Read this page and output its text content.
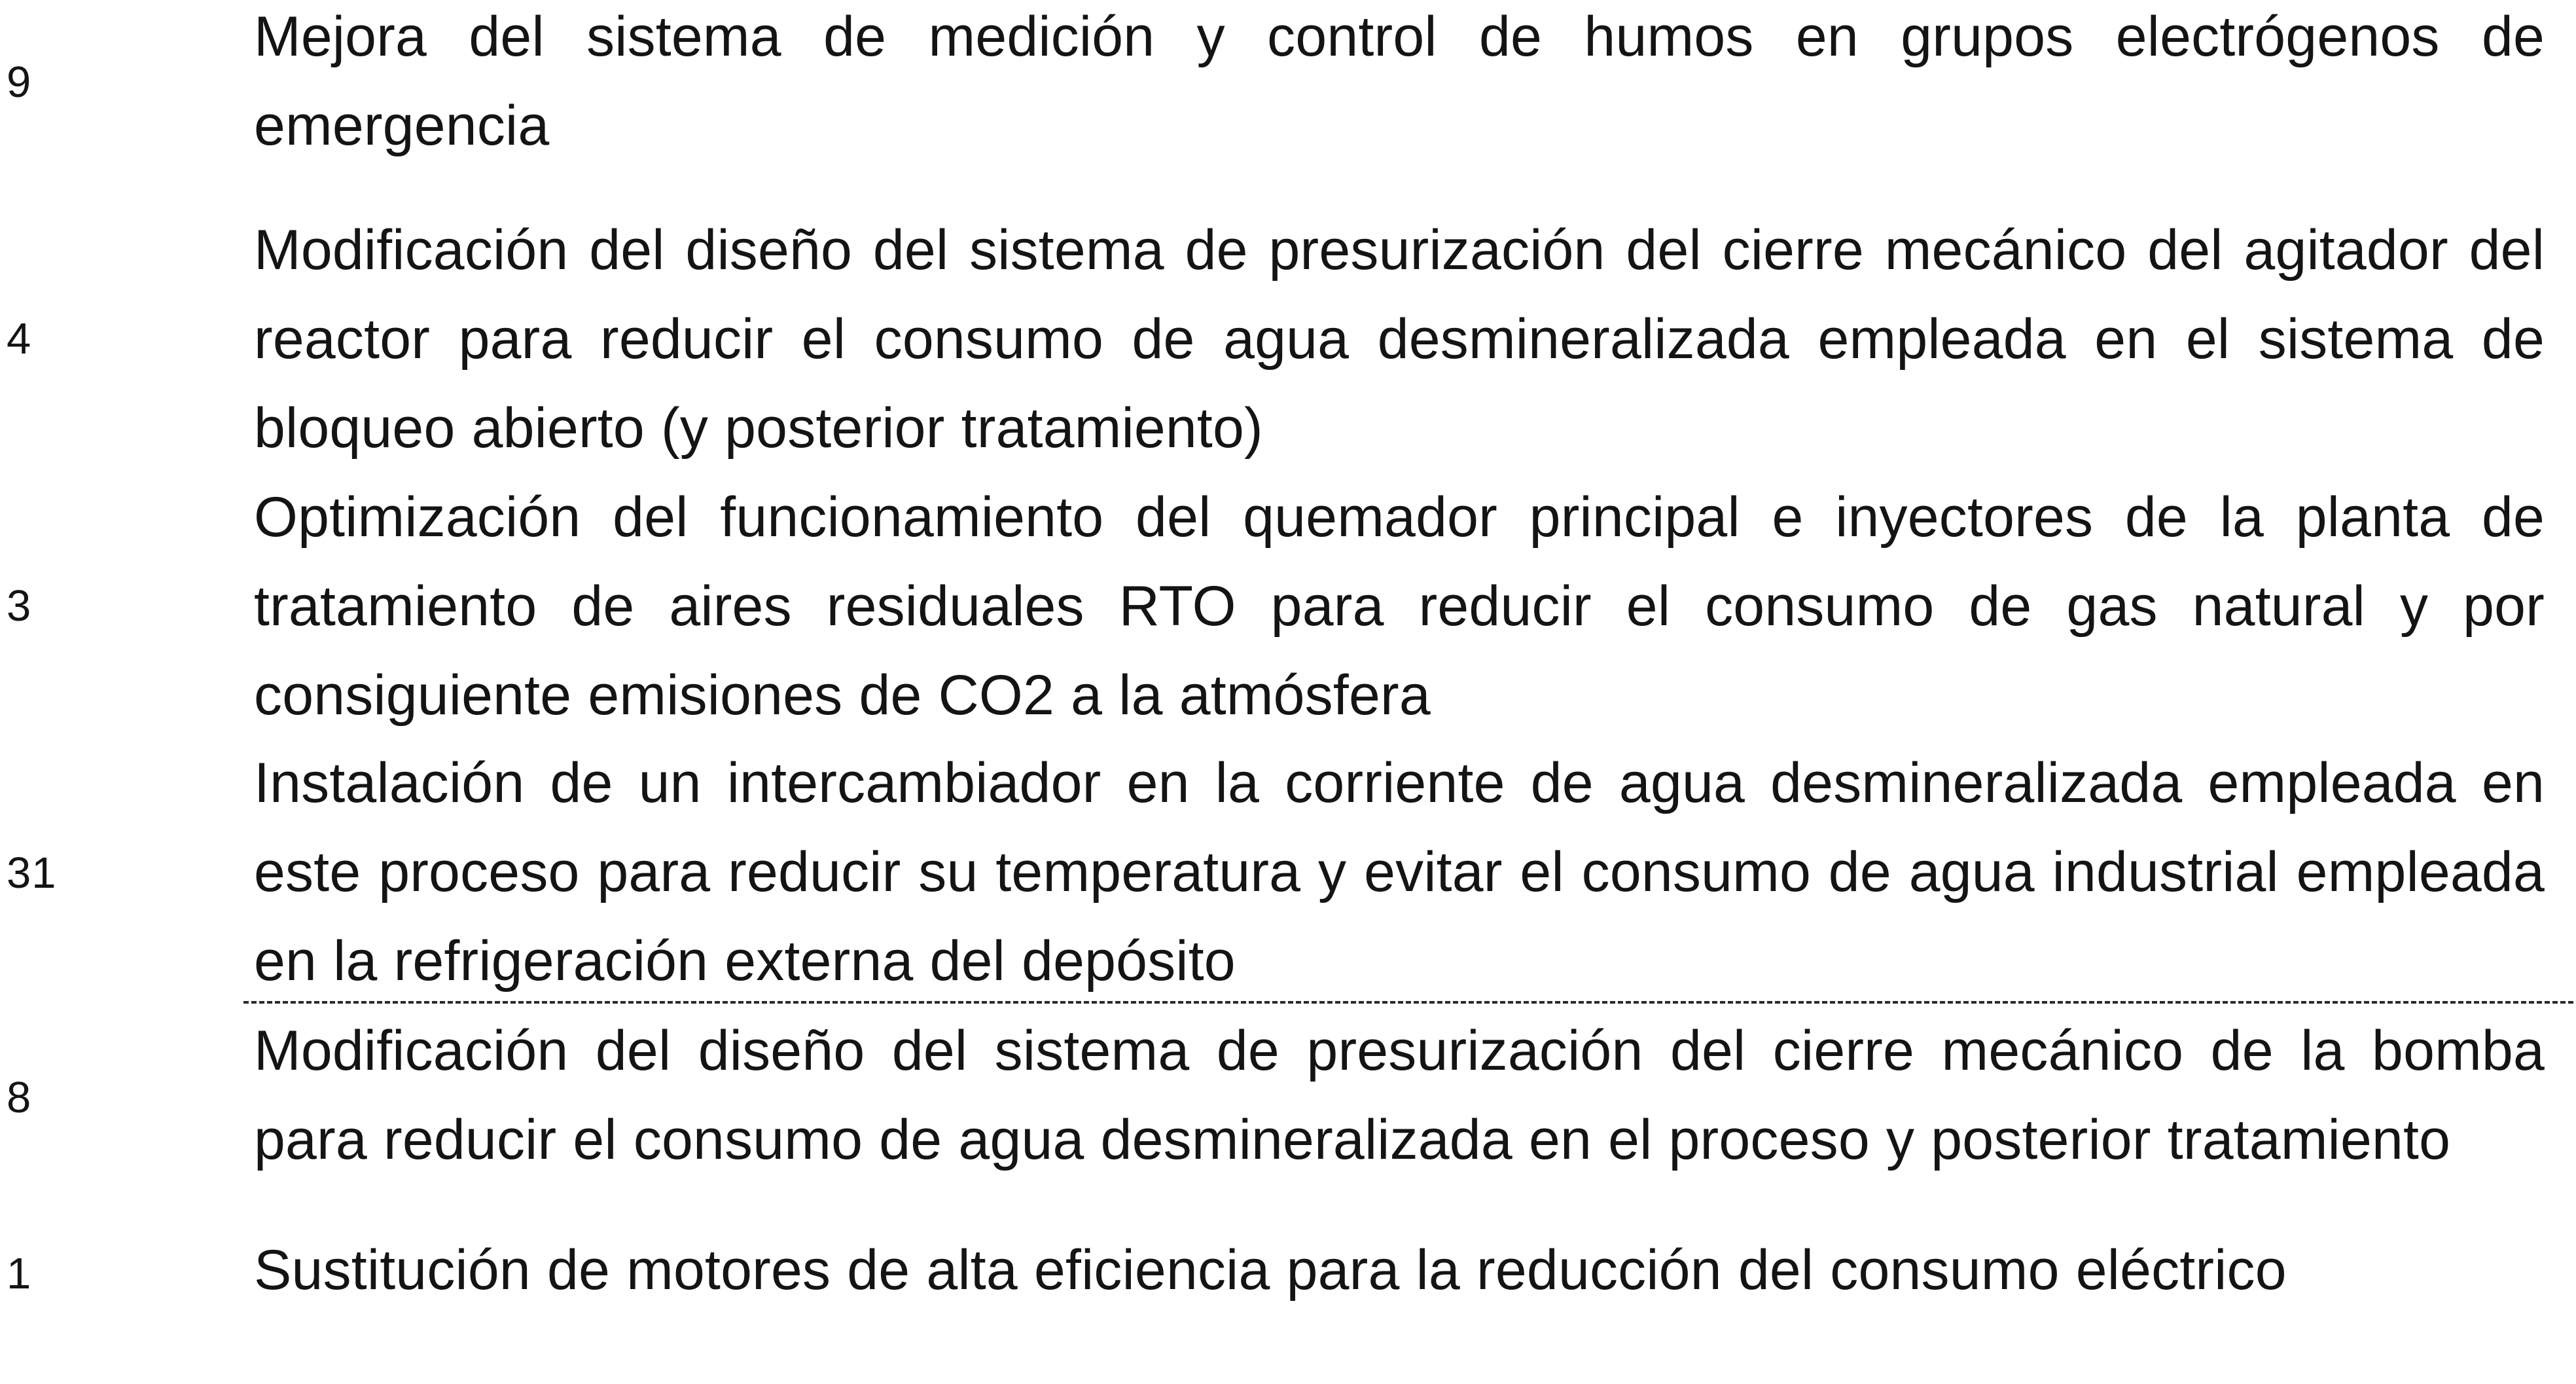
9
Mejora del sistema de medición y control de humos en grupos electrógenos de emergencia
4
Modificación del diseño del sistema de presurización del cierre mecánico del agitador del reactor para reducir el consumo de agua desmineralizada empleada en el sistema de bloqueo abierto (y posterior tratamiento)
3
Optimización del funcionamiento del quemador principal e inyectores de la planta de tratamiento de aires residuales RTO para reducir el consumo de gas natural y por consiguiente emisiones de CO2 a la atmósfera
31
Instalación de un intercambiador en la corriente de agua desmineralizada empleada en este proceso para reducir su temperatura y evitar el consumo de agua industrial empleada en la refrigeración externa del depósito
8
Modificación del diseño del sistema de presurización del cierre mecánico de la bomba para reducir el consumo de agua desmineralizada en el proceso y posterior tratamiento
1	Sustitución de motores de alta eficiencia para la reducción del consumo eléctrico
